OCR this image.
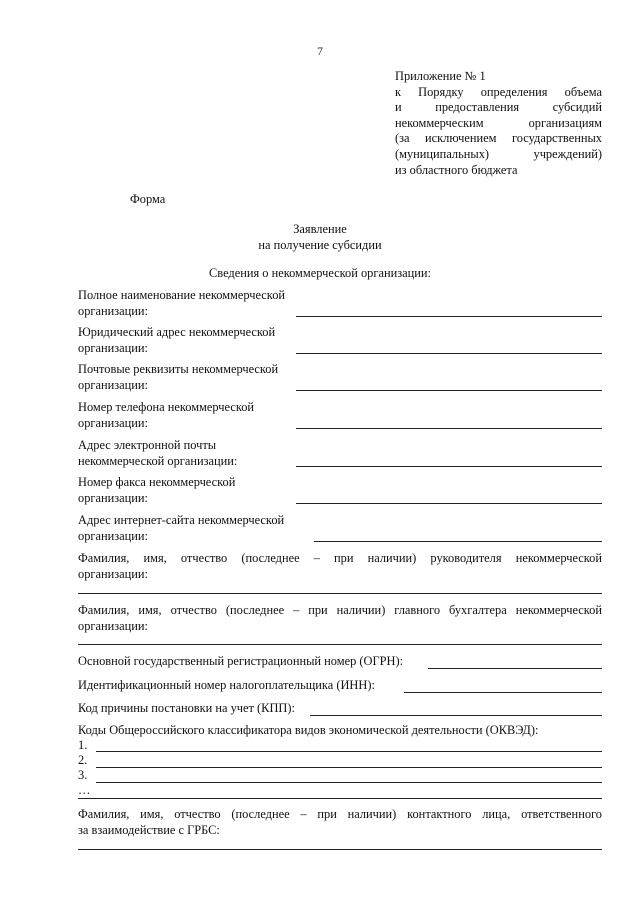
7
Приложение № 1
к Порядку определения объема
и предоставления субсидий
некоммерческим организациям
(за исключением государственных
(муниципальных) учреждений)
из областного бюджета
Форма
Заявление
на получение субсидии
Сведения о некоммерческой организации:
Полное наименование некоммерческой
организации:
Юридический адрес некоммерческой
организации:
Почтовые реквизиты некоммерческой
организации:
Номер телефона некоммерческой
организации:
Адрес электронной почты
некоммерческой организации:
Номер факса некоммерческой
организации:
Адрес интернет-сайта некоммерческой
организации:
Фамилия, имя, отчество (последнее – при наличии) руководителя некоммерческой
организации:
Фамилия, имя, отчество (последнее – при наличии) главного бухгалтера некоммерческой
организации:
Основной государственный регистрационный номер (ОГРН):
Идентификационный номер налогоплательщика (ИНН):
Код причины постановки на учет (КПП):
Коды Общероссийского классификатора видов экономической деятельности (ОКВЭД):
1.
2.
3.
…
Фамилия, имя, отчество (последнее – при наличии) контактного лица, ответственного
за взаимодействие с ГРБС:
